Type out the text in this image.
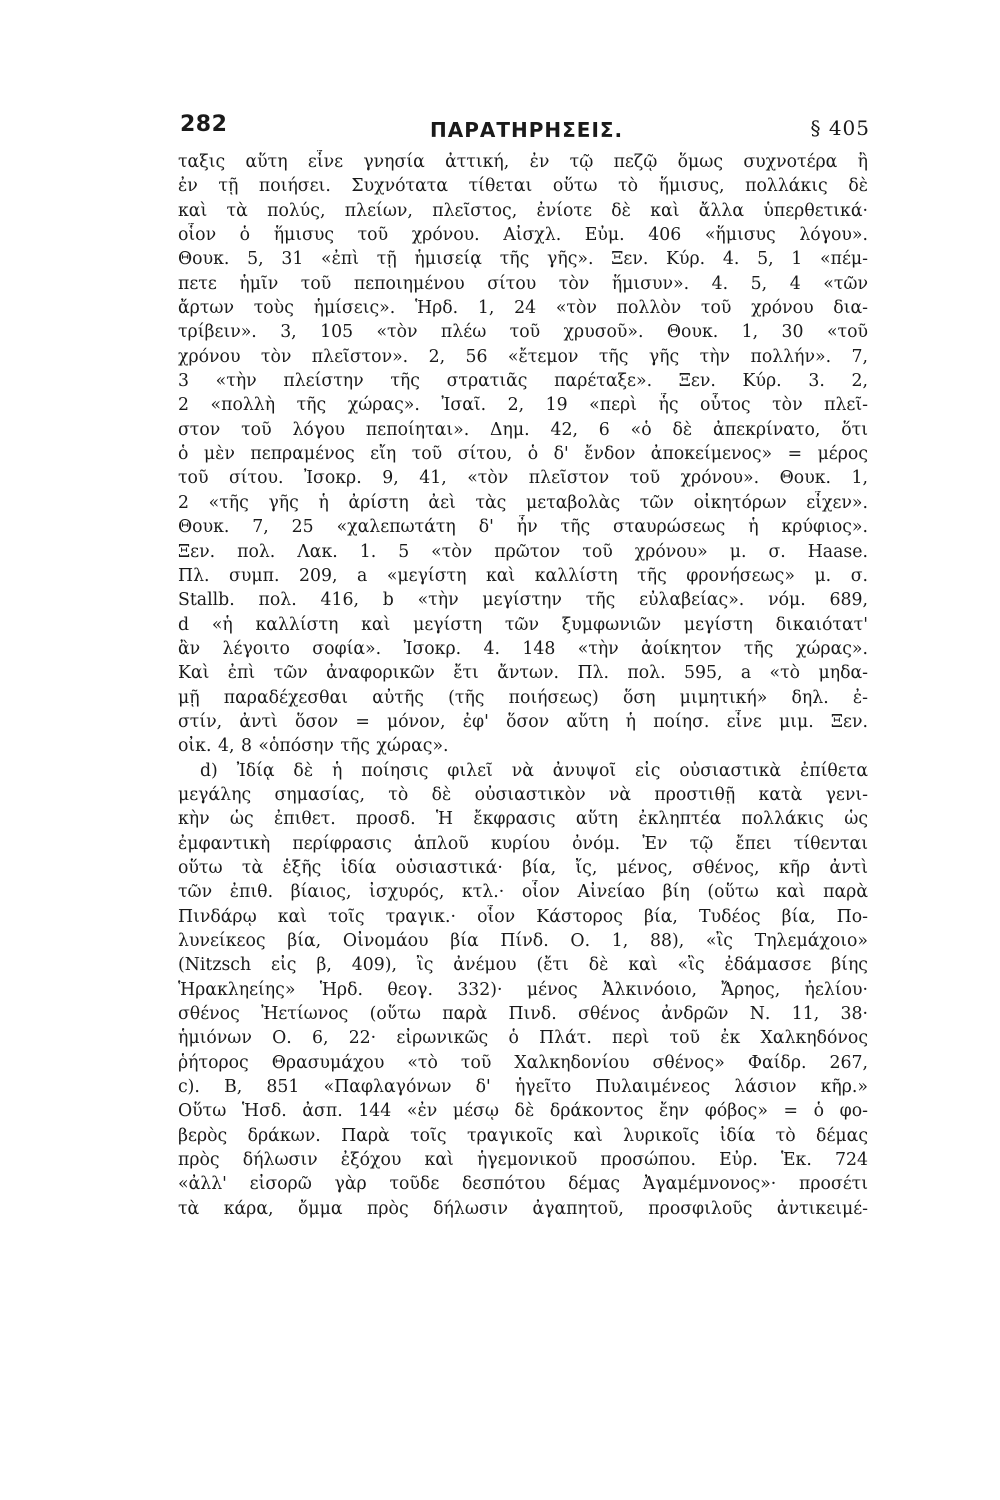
282	ΠΑΡΑΤΗΡΗΣΕΙΣ.	§ 405
ταξις αὕτη εἶνε γνησία ἀττική, ἐν τῷ πεζῷ ὅμως συχνοτέρα ἢ
ἐν τῇ ποιήσει. Συχνότατα τίθεται οὕτω τὸ ἥμισυς, πολλάκις δὲ
καὶ τὰ πολύς, πλείων, πλεῖστος, ἐνίοτε δὲ καὶ ἄλλα ὑπερθετικά·
οἷον ὁ ἥμισυς τοῦ χρόνου. Αἰσχλ. Εὐμ. 406 «ἥμισυς λόγου».
Θουκ. 5, 31 «ἐπὶ τῇ ἡμισείᾳ τῆς γῆς». Ξεν. Κύρ. 4. 5, 1 «πέμ-
πετε ἡμῖν τοῦ πεποιημένου σίτου τὸν ἥμισυν». 4. 5, 4 «τῶν
ἄρτων τοὺς ἡμίσεις». Ἡρδ. 1, 24 «τὸν πολλὸν τοῦ χρόνου δια-
τρίβειν». 3, 105 «τὸν πλέω τοῦ χρυσοῦ». Θουκ. 1, 30 «τοῦ
χρόνου τὸν πλεῖστον». 2, 56 «ἔτεμον τῆς γῆς τὴν πολλήν». 7,
3 «τὴν πλείστην τῆς στρατιᾶς παρέταξε». Ξεν. Κύρ. 3. 2,
2 «πολλὴ τῆς χώρας». Ἰσαῖ. 2, 19 «περὶ ἧς οὗτος τὸν πλεῖ-
στον τοῦ λόγου πεποίηται». Δημ. 42, 6 «ὁ δὲ ἀπεκρίνατο, ὅτι
ὁ μὲν πεπραμένος εἴη τοῦ σίτου, ὁ δ' ἔνδον ἀποκείμενος» = μέρος
τοῦ σίτου. Ἰσοκρ. 9, 41, «τὸν πλεῖστον τοῦ χρόνου». Θουκ. 1,
2 «τῆς γῆς ἡ ἀρίστη ἀεὶ τὰς μεταβολὰς τῶν οἰκητόρων εἶχεν».
Θουκ. 7, 25 «χαλεπωτάτη δ' ἦν τῆς σταυρώσεως ἡ κρύφιος».
Ξεν. πολ. Λακ. 1. 5 «τὸν πρῶτον τοῦ χρόνου» μ. σ. Haase.
Πλ. συμπ. 209, a «μεγίστη καὶ καλλίστη τῆς φρονήσεως» μ. σ.
Stallb. πολ. 416, b «τὴν μεγίστην τῆς εὐλαβείας». νόμ. 689,
d «ἡ καλλίστη καὶ μεγίστη τῶν ξυμφωνιῶν μεγίστη δικαιότατ'
ἂν λέγοιτο σοφία». Ἰσοκρ. 4. 148 «τὴν ἀοίκητον τῆς χώρας».
Καὶ ἐπὶ τῶν ἀναφορικῶν ἔτι ἄντων. Πλ. πολ. 595, a «τὸ μηδα-
μῇ παραδέχεσθαι αὐτῆς (τῆς ποιήσεως) ὅση μιμητική» δηλ. ἐ-
στίν, ἀντὶ ὅσον = μόνον, ἐφ' ὅσον αὕτη ἡ ποίησ. εἶνε μιμ. Ξεν.
οἰκ. 4, 8 «ὁπόσην τῆς χώρας».
d) Ἰδίᾳ δὲ ἡ ποίησις φιλεῖ νὰ ἀνυψοῖ εἰς οὐσιαστικὰ ἐπίθετα
μεγάλης σημασίας, τὸ δὲ οὐσιαστικὸν νὰ προστιθῇ κατὰ γενι-
κὴν ὡς ἐπιθετ. προσδ. Ἡ ἔκφρασις αὕτη ἐκληπτέα πολλάκις ὡς
ἐμφαντικὴ περίφρασις ἁπλοῦ κυρίου ὀνόμ. Ἐν τῷ ἔπει τίθενται
οὕτω τὰ ἑξῆς ἰδία οὐσιαστικά· βία, ἴς, μένος, σθένος, κῆρ ἀντὶ
τῶν ἐπιθ. βίαιος, ἰσχυρός, κτλ.· οἷον Αἰνείαο βίη (οὕτω καὶ παρὰ
Πινδάρῳ καὶ τοῖς τραγικ.· οἷον Κάστορος βία, Τυδέος βία, Πο-
λυνείκεος βία, Οἰνομάου βία Πίνδ. Ο. 1, 88), «ἲς Τηλεμάχοιο»
(Nitzsch εἰς β, 409), ἲς ἀνέμου (ἔτι δὲ καὶ «ἲς ἐδάμασσε βίης
Ἡρακληείης» Ἡρδ. θεογ. 332)· μένος Ἀλκινόοιο, Ἄρηος, ἠελίου·
σθένος Ἠετίωνος (οὕτω παρὰ Πινδ. σθένος ἀνδρῶν Ν. 11, 38·
ἡμιόνων Ο. 6, 22· εἰρωνικῶς ὁ Πλάτ. περὶ τοῦ ἐκ Χαλκηδόνος
ῥήτορος Θρασυμάχου «τὸ τοῦ Χαλκηδονίου σθένος» Φαίδρ. 267,
c). Β, 851 «Παφλαγόνων δ' ἡγεῖτο Πυλαιμένεος λάσιον κῆρ.»
Οὕτω Ἡσδ. ἀσπ. 144 «ἐν μέσῳ δὲ δράκοντος ἔην φόβος» = ὁ φο-
βερὸς δράκων. Παρὰ τοῖς τραγικοῖς καὶ λυρικοῖς ἰδία τὸ δέμας
πρὸς δήλωσιν ἐξόχου καὶ ἡγεμονικοῦ προσώπου. Εὐρ. Ἑκ. 724
«ἀλλ' εἰσορῶ γὰρ τοῦδε δεσπότου δέμας Ἀγαμέμνονος»· προσέτι
τὰ κάρα, ὄμμα πρὸς δήλωσιν ἀγαπητοῦ, προσφιλοῦς ἀντικειμέ-
